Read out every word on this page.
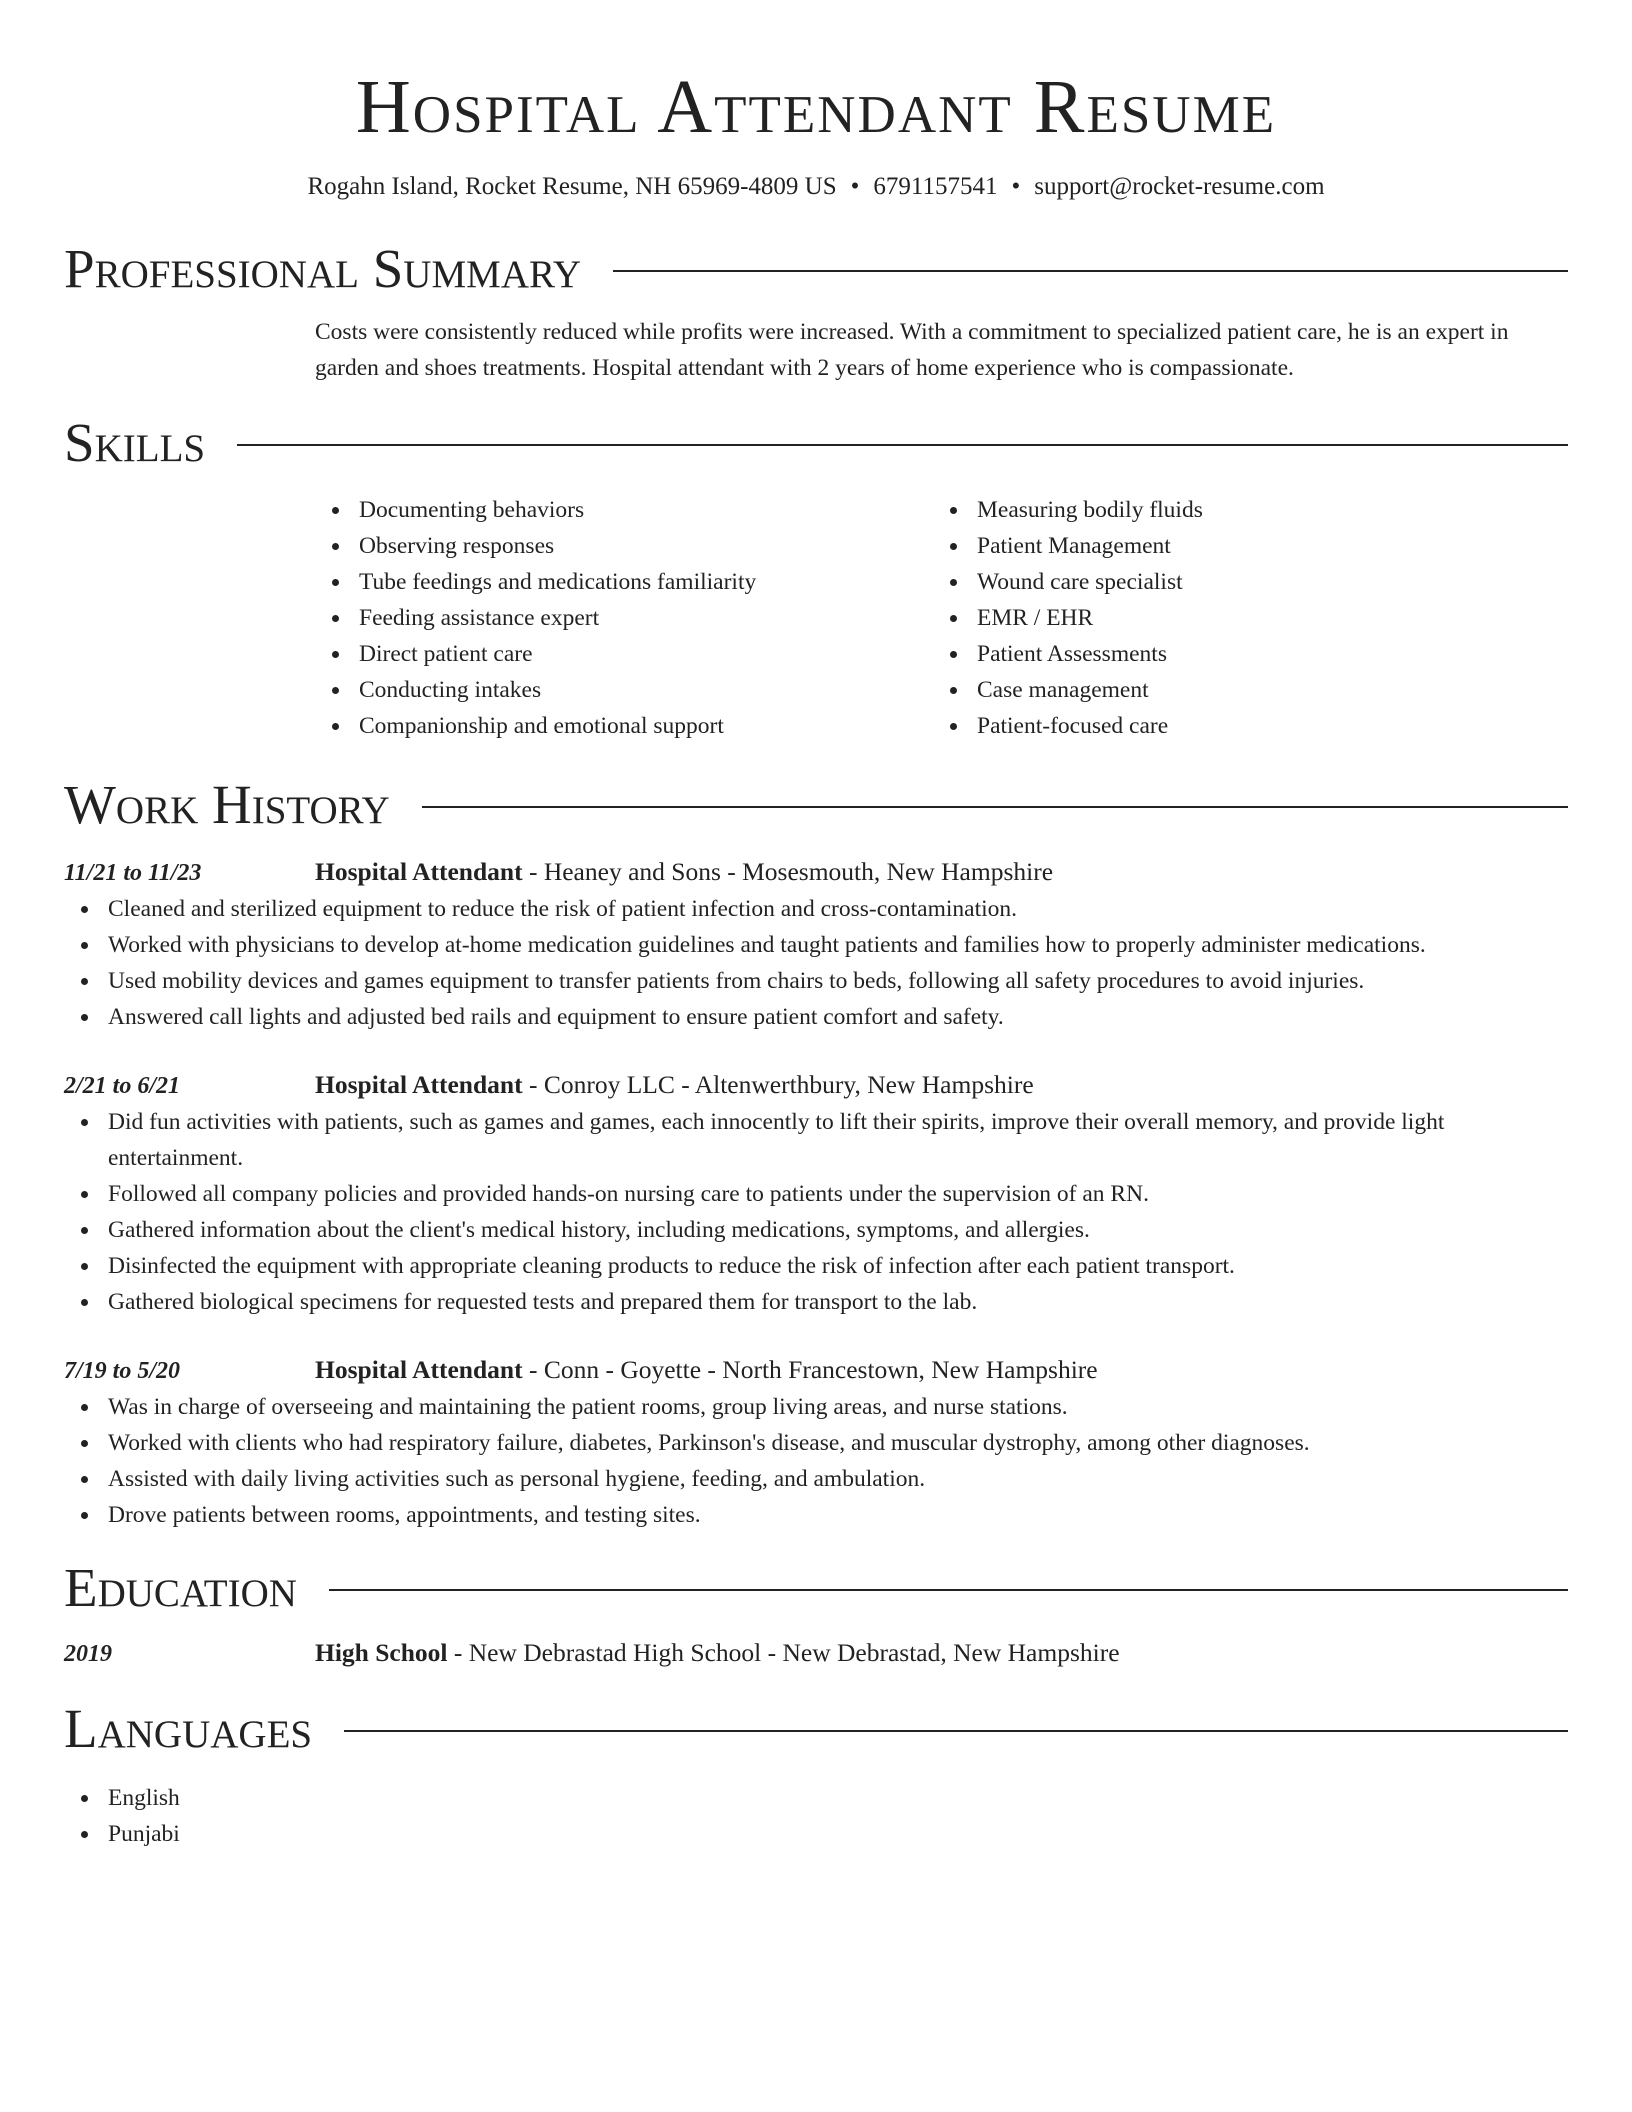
Hospital Attendant Resume
Rogahn Island, Rocket Resume, NH 65969-4809 US • 6791157541 • support@rocket-resume.com
Professional Summary

Costs were consistently reduced while profits were increased. With a commitment to specialized patient care, he is an expert in garden and shoes treatments. Hospital attendant with 2 years of home experience who is compassionate.

Skills
Documenting behaviors
Observing responses
Tube feedings and medications familiarity
Feeding assistance expert
Direct patient care
Conducting intakes
Companionship and emotional support
Measuring bodily fluids
Patient Management
Wound care specialist
EMR / EHR
Patient Assessments
Case management
Patient-focused care
Work History
11/21 to 11/23	Hospital Attendant - Heaney and Sons - Mosesmouth, New Hampshire
Cleaned and sterilized equipment to reduce the risk of patient infection and cross-contamination.
Worked with physicians to develop at-home medication guidelines and taught patients and families how to properly administer medications.
Used mobility devices and games equipment to transfer patients from chairs to beds, following all safety procedures to avoid injuries.
Answered call lights and adjusted bed rails and equipment to ensure patient comfort and safety.
2/21 to 6/21	Hospital Attendant - Conroy LLC - Altenwerthbury, New Hampshire
Did fun activities with patients, such as games and games, each innocently to lift their spirits, improve their overall memory, and provide light entertainment.
Followed all company policies and provided hands-on nursing care to patients under the supervision of an RN.
Gathered information about the client's medical history, including medications, symptoms, and allergies.
Disinfected the equipment with appropriate cleaning products to reduce the risk of infection after each patient transport.
Gathered biological specimens for requested tests and prepared them for transport to the lab.
7/19 to 5/20	Hospital Attendant - Conn - Goyette - North Francestown, New Hampshire
Was in charge of overseeing and maintaining the patient rooms, group living areas, and nurse stations.
Worked with clients who had respiratory failure, diabetes, Parkinson's disease, and muscular dystrophy, among other diagnoses.
Assisted with daily living activities such as personal hygiene, feeding, and ambulation.
Drove patients between rooms, appointments, and testing sites.
Education
2019	High School - New Debrastad High School - New Debrastad, New Hampshire
Languages
English
Punjabi
